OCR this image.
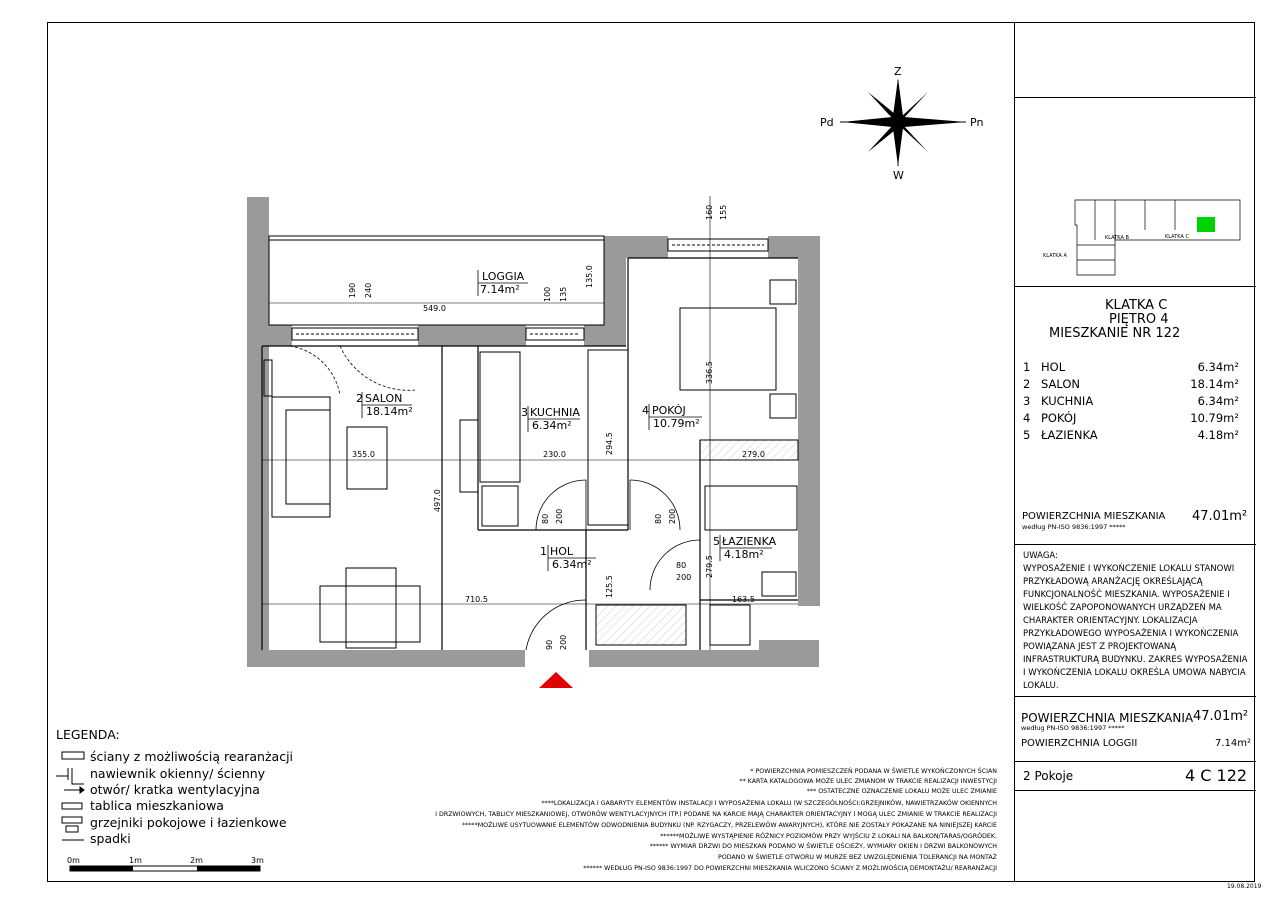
Z
W
Pn
Pd
549.0
190 240	100 135
135.0
160 155
336.5
355.0	230.0	279.0
294.5
497.0
80 200	80 200
80
200 279.5
125.5
163.5
710.5
90 200
LOGGIA
7.14m²
2 SALON
18.14m²	3 KUCHNIA
6.34m²
4 POKÓJ
10.79m²
1 HOL
6.34m²
5 ŁAZIENKA
4.18m²
0m	1m	2m	3m
KLATKA A
KLATKA B	KLATKA C
KLATKA C
PIĘTRO 4
MIESZKANIE NR 122
1 HOL	6.34m²
2 SALON	18.14m²
3 KUCHNIA	6.34m²
4 POKÓJ	10.79m²
5 ŁAZIENKA	4.18m²
POWIERZCHNIA MIESZKANIA
według PN-ISO 9836:1997 *****
47.01m²
UWAGA:
WYPOSAŻENIE I WYKOŃCZENIE LOKALU STANOWI
PRZYKŁADOWĄ ARANŻACJĘ OKREŚLAJĄCĄ
FUNKCJONALNOŚĆ MIESZKANIA. WYPOSAŻENIE I
WIELKOŚĆ ZAPOPONOWANYCH URZĄDZEŃ MA
CHARAKTER ORIENTACYJNY. LOKALIZACJA
PRZYKŁADOWEGO WYPOSAŻENIA I WYKOŃCZENIA
POWIĄZANA JEST Z PROJEKTOWANĄ
INFRASTRUKTURĄ BUDYNKU. ZAKRES WYPOSAŻENIA
I WYKOŃCZENIA LOKALU OKREŚLA UMOWA NABYCIA
LOKALU.
POWIERZCHNIA MIESZKANIA 47.01m²
według PN-ISO 9836:1997 *****
POWIERZCHNIA LOGGII	7.14m²
2 Pokoje	4 C 122
19.08.2019
LEGENDA:
ściany z możliwością rearanżacji
nawiewnik okienny/ ścienny
otwór/ kratka wentylacyjna
tablica mieszkaniowa
grzejniki pokojowe i łazienkowe
spadki
* POWIERZCHNIA POMIESZCZEŃ PODANA W ŚWIETLE WYKOŃCZONYCH ŚCIAN
** KARTA KATALOGOWA MOŻE ULEC ZMIANOM W TRAKCIE REALIZACJI INWESTYCJI
*** OSTATECZNE OZNACZENIE LOKALU MOŻE ULEC ZMIANIE
****LOKALIZACJA I GABARYTY ELEMENTÓW INSTALACJI I WYPOSAŻENIA LOKALU (W SZCZEGÓLNOŚCI:GRZEJNIKÓW, NAWIETRZAKÓW OKIENNYCH
I DRZWIOWYCH, TABLICY MIESZKANIOWEJ, OTWORÓW WENTYLACYJNYCH ITP.) PODANE NA KARCIE MAJĄ CHARAKTER ORIENTACYJNY I MOGĄ ULEC ZMIANIE W TRAKCIE REALIZACJI
*****MOŻLIWE USYTUOWANIE ELEMENTÓW ODWODNIENIA BUDYNKU (NP. RZYGACZY, PRZELEWÓW AWARYJNYCH), KTÓRE NIE ZOSTAŁY POKAZANE NA NINIEJSZEJ KARCIE
******MOŻLIWE WYSTĄPIENIE RÓŻNICY POZIOMÓW PRZY WYJŚCIU Z LOKALI NA BALKON/TARAS/OGRÓDEK.
****** WYMIAR DRZWI DO MIESZKAŃ PODANO W ŚWIETLE OŚCIEŻY, WYMIARY OKIEN I DRZWI BALKONOWYCH
PODANO W ŚWIETLE OTWORU W MURZE BEZ UWZGLĘDNIENIA TOLERANCJI NA MONTAŻ
****** WEDŁUG PN-ISO 9836:1997 DO POWIERZCHNI MIESZKANIA WLICZONO ŚCIANY Z MOŻLIWOŚCIĄ DEMONTAŻU/ REARANŻACJI
